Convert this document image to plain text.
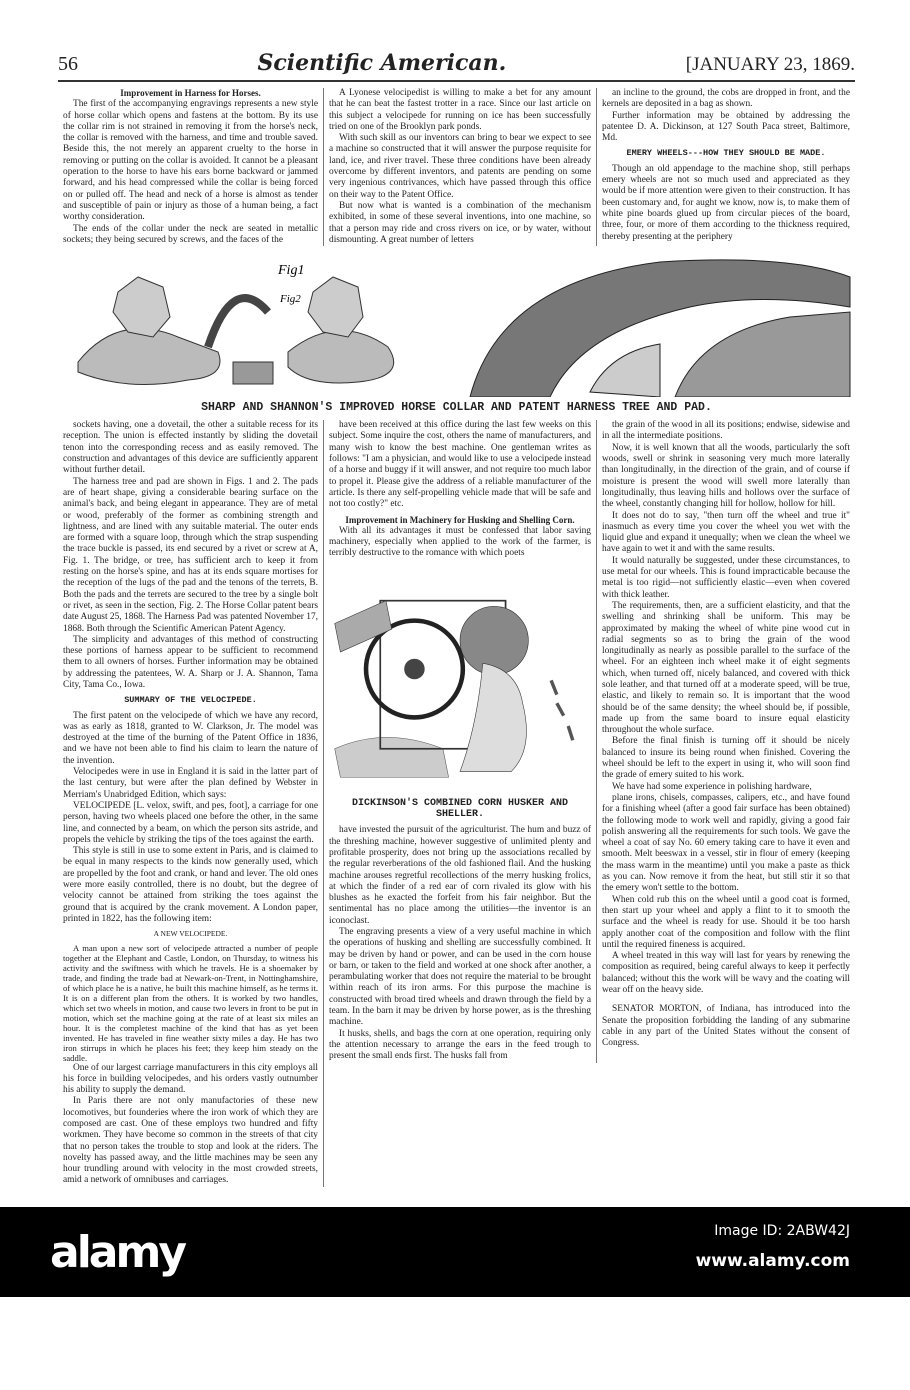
56	Scientific American.	[JANUARY 23, 1869.

Improvement in Harness for Horses.

The first of the accompanying engravings represents a new style of horse collar which opens and fastens at the bottom. By its use the collar rim is not strained in removing it from the horse's neck, the collar is removed with the harness, and time and trouble saved. Beside this, the not merely an apparent cruelty to the horse in removing or putting on the collar is avoided. It cannot be a pleasant operation to the horse to have his ears borne backward or jammed forward, and his head compressed while the collar is being forced on or pulled off. The head and neck of a horse is almost as tender and susceptible of pain or injury as those of a human being, a fact worthy consideration.

The ends of the collar under the neck are seated in metallic sockets; they being secured by screws, and the faces of the

A Lyonese velocipedist is willing to make a bet for any amount that he can beat the fastest trotter in a race. Since our last article on this subject a velocipede for running on ice has been successfully tried on one of the Brooklyn park ponds.

With such skill as our inventors can bring to bear we expect to see a machine so constructed that it will answer the purpose requisite for land, ice, and river travel. These three conditions have been already overcome by different inventors, and patents are pending on some very ingenious contrivances, which have passed through this office on their way to the Patent Office.

But now what is wanted is a combination of the mechanism exhibited, in some of these several inventions, into one machine, so that a person may ride and cross rivers on ice, or by water, without dismounting. A great number of letters

an incline to the ground, the cobs are dropped in front, and the kernels are deposited in a bag as shown.

Further information may be obtained by addressing the patentee D. A. Dickinson, at 127 South Paca street, Baltimore, Md.

EMERY WHEELS---HOW THEY SHOULD BE MADE.

Though an old appendage to the machine shop, still perhaps emery wheels are not so much used and appreciated as they would be if more attention were given to their construction. It has been customary and, for aught we know, now is, to make them of white pine boards glued up from circular pieces of the board, three, four, or more of them according to the thickness required, thereby presenting at the periphery

Fig1
Fig2
SHARP AND SHANNON'S IMPROVED HORSE COLLAR AND PATENT HARNESS TREE AND PAD.

sockets having, one a dovetail, the other a suitable recess for its reception. The union is effected instantly by sliding the dovetail tenon into the corresponding recess and as easily removed. The construction and advantages of this device are sufficiently apparent without further detail.

The harness tree and pad are shown in Figs. 1 and 2. The pads are of heart shape, giving a considerable bearing surface on the animal's back, and being elegant in appearance. They are of metal or wood, preferably of the former as combining strength and lightness, and are lined with any suitable material. The outer ends are formed with a square loop, through which the strap suspending the trace buckle is passed, its end secured by a rivet or screw at A, Fig. 1. The bridge, or tree, has sufficient arch to keep it from resting on the horse's spine, and has at its ends square mortises for the reception of the lugs of the pad and the tenons of the terrets, B. Both the pads and the terrets are secured to the tree by a single bolt or rivet, as seen in the section, Fig. 2. The Horse Collar patent bears date August 25, 1868. The Harness Pad was patented November 17, 1868. Both through the Scientific American Patent Agency.

The simplicity and advantages of this method of constructing these portions of harness appear to be sufficient to recommend them to all owners of horses. Further information may be obtained by addressing the patentees, W. A. Sharp or J. A. Shannon, Tama City, Tama Co., Iowa.

SUMMARY OF THE VELOCIPEDE.

The first patent on the velocipede of which we have any record, was as early as 1818, granted to W. Clarkson, Jr. The model was destroyed at the time of the burning of the Patent Office in 1836, and we have not been able to find his claim to learn the nature of the invention.

Velocipedes were in use in England it is said in the latter part of the last century, but were after the plan defined by Webster in Merriam's Unabridged Edition, which says:

VELOCIPEDE [L. velox, swift, and pes, foot], a carriage for one person, having two wheels placed one before the other, in the same line, and connected by a beam, on which the person sits astride, and propels the vehicle by striking the tips of the toes against the earth.

This style is still in use to some extent in Paris, and is claimed to be equal in many respects to the kinds now generally used, which are propelled by the foot and crank, or hand and lever. The old ones were more easily controlled, there is no doubt, but the degree of velocity cannot be attained from striking the toes against the ground that is acquired by the crank movement. A London paper, printed in 1822, has the following item:

A NEW VELOCIPEDE.

A man upon a new sort of velocipede attracted a number of people together at the Elephant and Castle, London, on Thursday, to witness his activity and the swiftness with which he travels. He is a shoemaker by trade, and finding the trade bad at Newark-on-Trent, in Nottinghamshire, of which place he is a native, he built this machine himself, as he terms it. It is on a different plan from the others. It is worked by two handles, which set two wheels in motion, and cause two levers in front to be put in motion, which set the machine going at the rate of at least six miles an hour. It is the completest machine of the kind that has as yet been invented. He has traveled in fine weather sixty miles a day. He has two iron stirrups in which he places his feet; they keep him steady on the saddle.

One of our largest carriage manufacturers in this city employs all his force in building velocipedes, and his orders vastly outnumber his ability to supply the demand.

In Paris there are not only manufactories of these new locomotives, but founderies where the iron work of which they are composed are cast. One of these employs two hundred and fifty workmen. They have become so common in the streets of that city that no person takes the trouble to stop and look at the riders. The novelty has passed away, and the little machines may be seen any hour trundling around with velocity in the most crowded streets, amid a network of omnibuses and carriages.

have been received at this office during the last few weeks on this subject. Some inquire the cost, others the name of manufacturers, and many wish to know the best machine. One gentleman writes as follows: "I am a physician, and would like to use a velocipede instead of a horse and buggy if it will answer, and not require too much labor to propel it. Please give the address of a reliable manufacturer of the article. Is there any self-propelling vehicle made that will be safe and not too costly?" etc.

Improvement in Machinery for Husking and Shelling Corn.

With all its advantages it must be confessed that labor saving machinery, especially when applied to the work of the farmer, is terribly destructive to the romance with which poets

DICKINSON'S COMBINED CORN HUSKER AND SHELLER.

have invested the pursuit of the agriculturist. The hum and buzz of the threshing machine, however suggestive of unlimited plenty and profitable prosperity, does not bring up the associations recalled by the regular reverberations of the old fashioned flail. And the husking machine arouses regretful recollections of the merry husking frolics, at which the finder of a red ear of corn rivaled its glow with his blushes as he exacted the forfeit from his fair neighbor. But the sentimental has no place among the utilities—the inventor is an iconoclast.

The engraving presents a view of a very useful machine in which the operations of husking and shelling are successfully combined. It may be driven by hand or power, and can be used in the corn house or barn, or taken to the field and worked at one shock after another, a perambulating worker that does not require the material to be brought within reach of its iron arms. For this purpose the machine is constructed with broad tired wheels and drawn through the field by a team. In the barn it may be driven by horse power, as is the threshing machine.

It husks, shells, and bags the corn at one operation, requiring only the attention necessary to arrange the ears in the feed trough to present the small ends first. The husks fall from

the grain of the wood in all its positions; endwise, sidewise and in all the intermediate positions.

Now, it is well known that all the woods, particularly the soft woods, swell or shrink in seasoning very much more laterally than longitudinally, in the direction of the grain, and of course if moisture is present the wood will swell more laterally than longitudinally, thus leaving hills and hollows over the surface of the wheel, constantly changing hill for hollow, hollow for hill.

It does not do to say, "then turn off the wheel and true it" inasmuch as every time you cover the wheel you wet with the liquid glue and expand it unequally; when we clean the wheel we have again to wet it and with the same results.

It would naturally be suggested, under these circumstances, to use metal for our wheels. This is found impracticable because the metal is too rigid—not sufficiently elastic—even when covered with thick leather.

The requirements, then, are a sufficient elasticity, and that the swelling and shrinking shall be uniform. This may be approximated by making the wheel of white pine wood cut in radial segments so as to bring the grain of the wood longitudinally as nearly as possible parallel to the surface of the wheel. For an eighteen inch wheel make it of eight segments which, when turned off, nicely balanced, and covered with thick sole leather, and that turned off at a moderate speed, will be true, elastic, and likely to remain so. It is important that the wood should be of the same density; the wheel should be, if possible, made up from the same board to insure equal elasticity throughout the whole surface.

Before the final finish is turning off it should be nicely balanced to insure its being round when finished. Covering the wheel should be left to the expert in using it, who will soon find the grade of emery suited to his work.

We have had some experience in polishing hardware,

plane irons, chisels, compasses, calipers, etc., and have found for a finishing wheel (after a good fair surface has been obtained) the following mode to work well and rapidly, giving a good fair polish answering all the requirements for such tools. We gave the wheel a coat of say No. 60 emery taking care to have it even and smooth. Melt beeswax in a vessel, stir in flour of emery (keeping the mass warm in the meantime) until you make a paste as thick as you can. Now remove it from the heat, but still stir it so that the emery won't settle to the bottom.

When cold rub this on the wheel until a good coat is formed, then start up your wheel and apply a flint to it to smooth the surface and the wheel is ready for use. Should it be too harsh apply another coat of the composition and follow with the flint until the required fineness is acquired.

A wheel treated in this way will last for years by renewing the composition as required, being careful always to keep it perfectly balanced; without this the work will be wavy and the coating will wear off on the heavy side.

SENATOR MORTON, of Indiana, has introduced into the Senate the proposition forbidding the landing of any submarine cable in any part of the United States without the consent of Congress.

alamy	Image ID: 2ABW42J
www.alamy.com
